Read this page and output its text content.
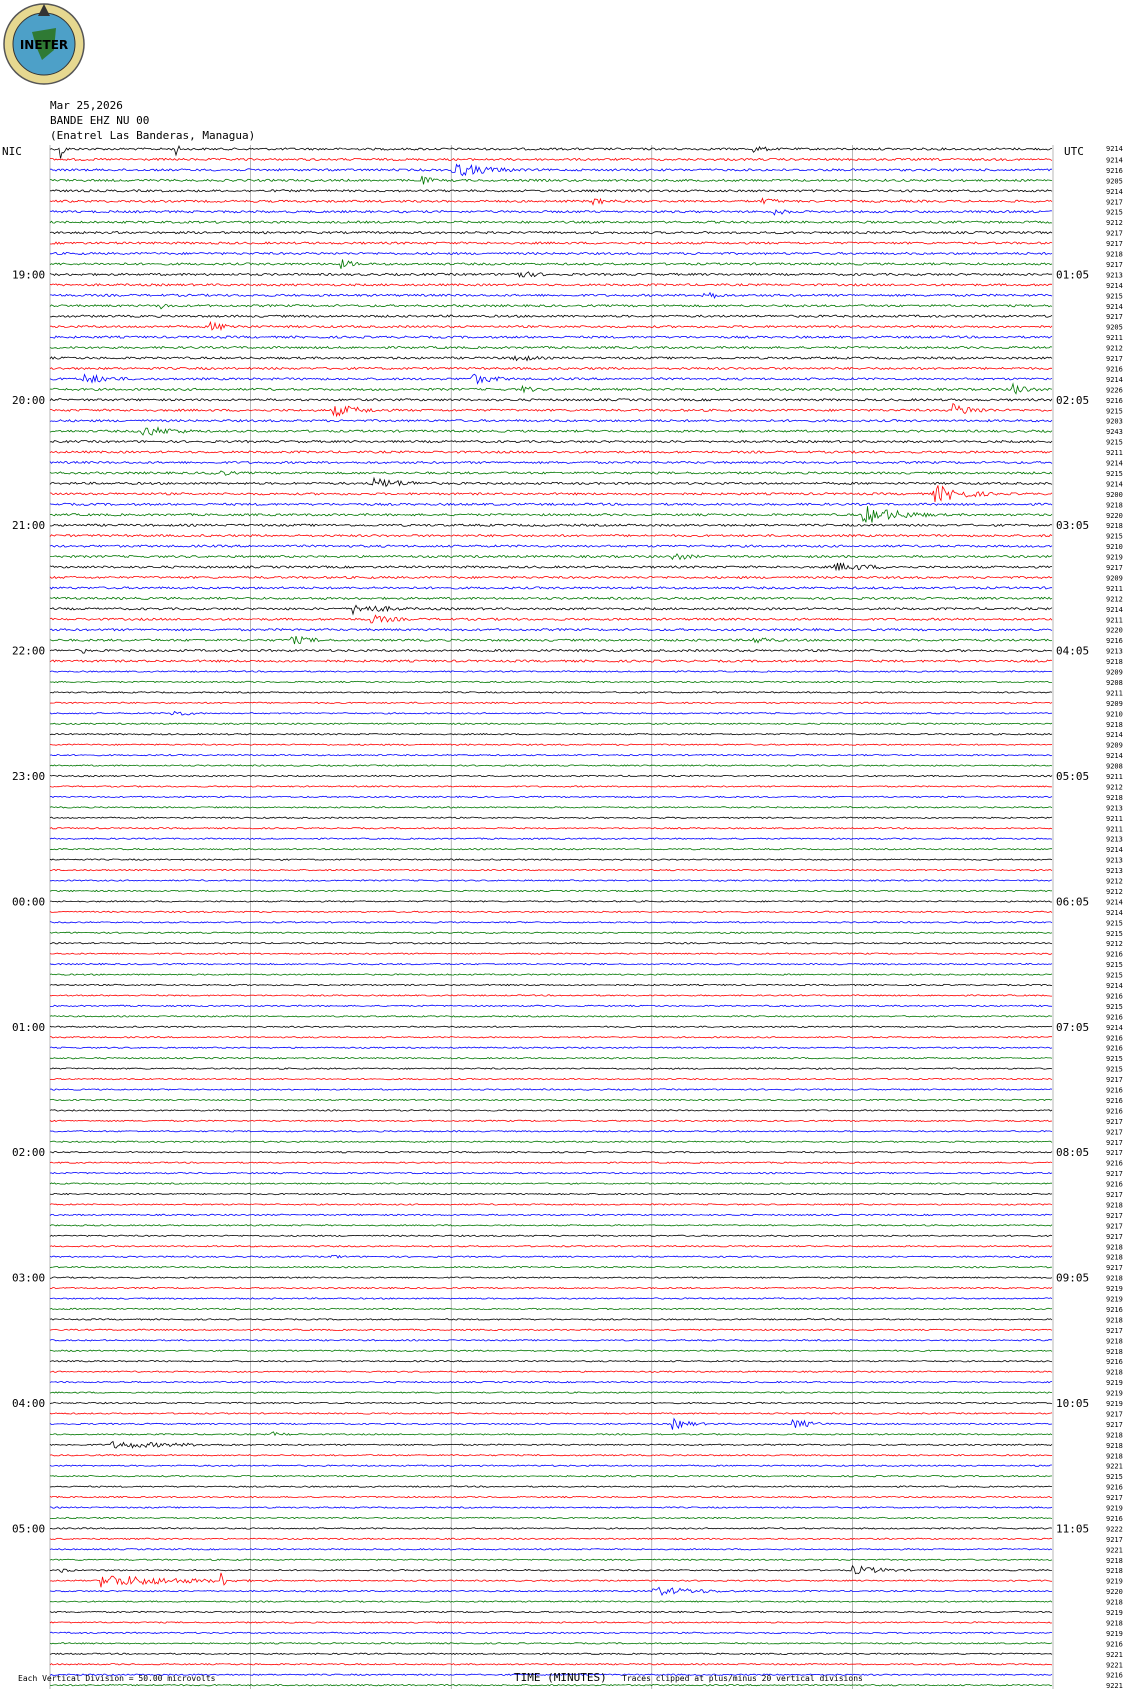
19:00
20:00
21:00
22:00
23:00
00:00
01:00
02:00
03:00
04:00
05:00
01:05
02:05
03:05
04:05
05:05
06:05
07:05
08:05
09:05
10:05
11:05
9214
9216
9205
9214
9217
9215
9212
9217
9217
9218
9217
9213
9214
9215
9214
9217
9205
9211
9212
9217
9216
9214
9226
9216
9215
9203
9243
9215
9211
9214
9215
9214
9200
9218
9220
9218
9215
9210
9219
9217
9209
9211
9212
9214
9211
9220
9216
9213
9218
9209
9208
9211
9209
9210
9218
9214
9209
9214
9208
9211
9212
9218
9213
9211
9211
9213
9214
9213
9213
9212
9212
9214
9214
9215
9215
9212
9216
9215
9215
9214
9216
9215
9216
9214
9216
9216
9215
9215
9217
9216
9216
9216
9217
9217
9217
9217
9216
9217
9216
9217
9218
9217
9217
9217
9218
9218
9217
9218
9219
9219
9216
9218
9217
9218
9218
9216
9218
9219
9219
9219
9217
9217
9218
9218
9218
9221
9215
9216
9217
9219
9216
9222
9217
9221
9218
9218
9219
9220
9218
9219
9218
9219
9216
9221
9221
9216
9221
NIC	UTC	9214
Each Vertical Division = 50.00 microvolts	TIME (MINUTES) Traces clipped at plus/minus 20 vertical divisions
INETER
Mar 25,2026
BANDE EHZ NU 00
(Enatrel Las Banderas, Managua)
